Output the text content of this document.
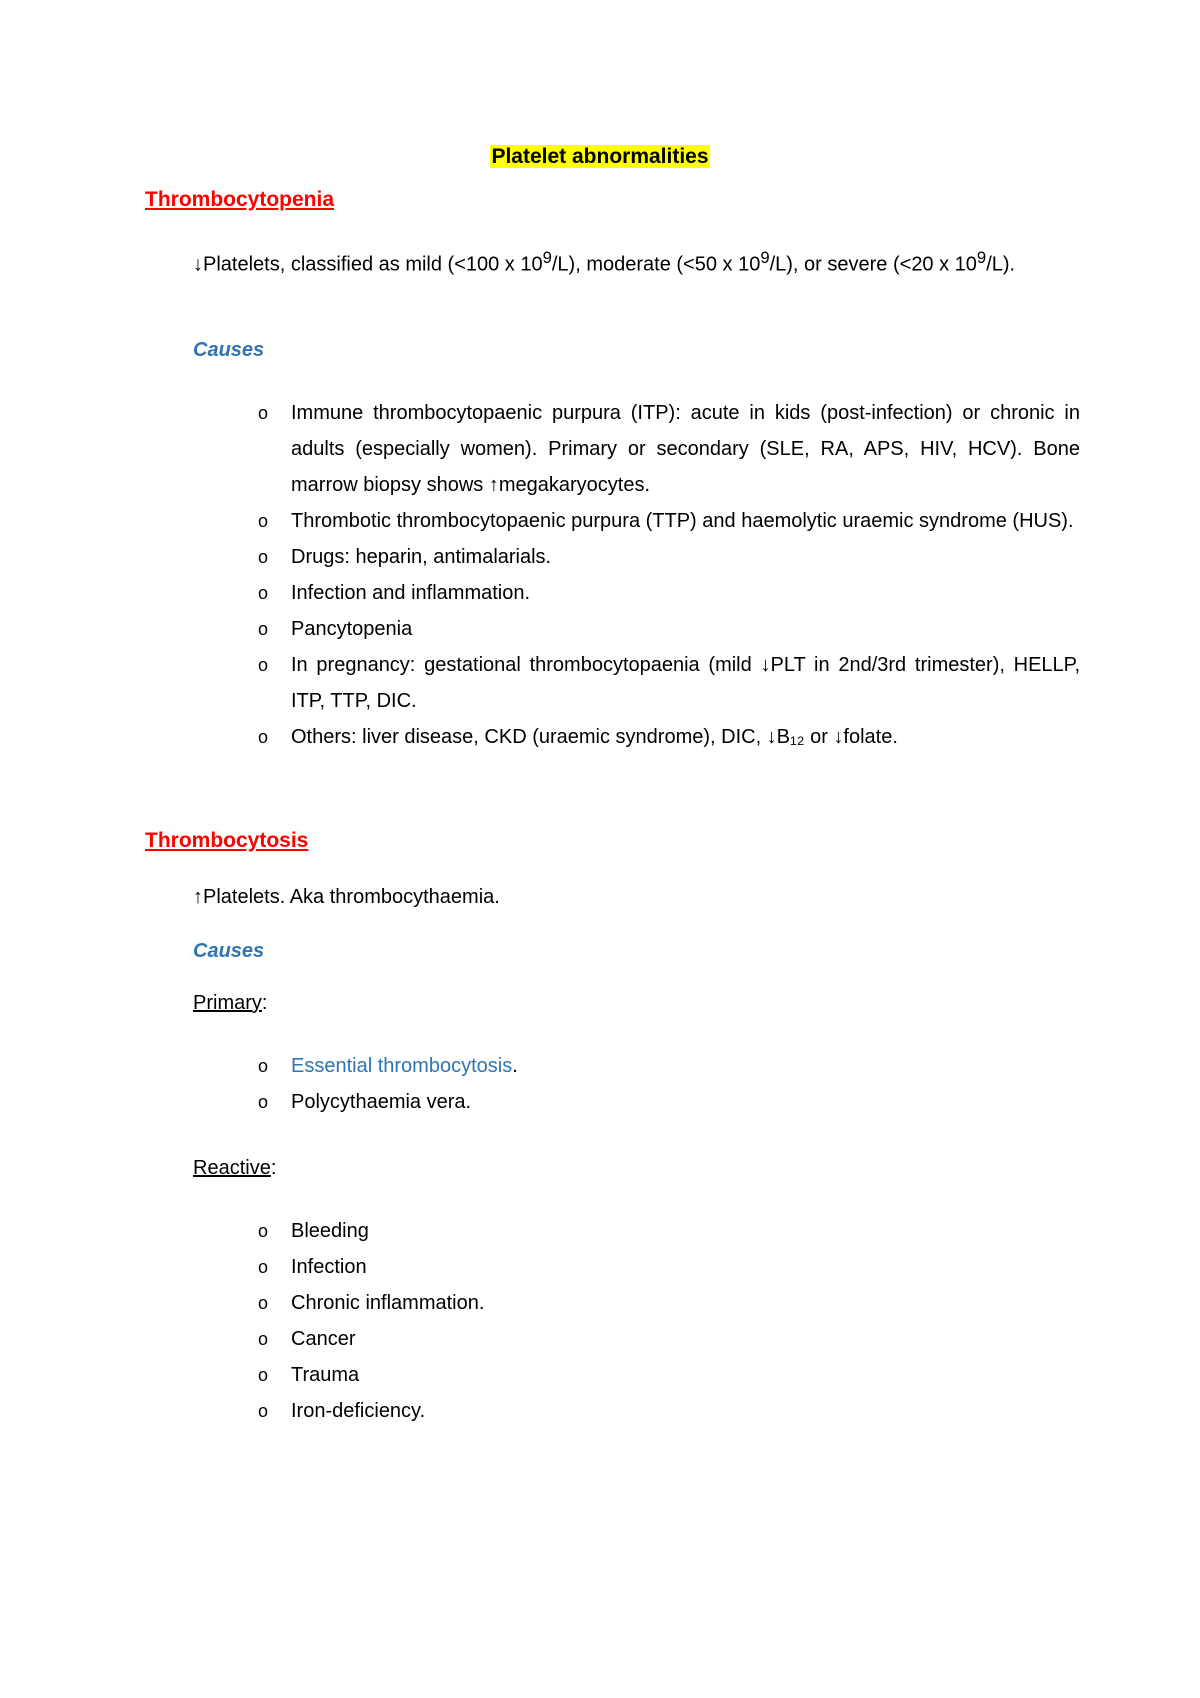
Platelet abnormalities
Thrombocytopenia
↓Platelets, classified as mild (<100 x $10^9/L$), moderate (<50 x $10^9/L$), or severe (<20 x $10^9/L$).
Causes
o	Immune thrombocytopaenic purpura (ITP): acute in kids (post-infection) or chronic in adults (especially women). Primary or secondary (SLE, RA, APS, HIV, HCV). Bone marrow biopsy shows ↑megakaryocytes.
o	Thrombotic thrombocytopaenic purpura (TTP) and haemolytic uraemic syndrome (HUS).
o	Drugs: heparin, antimalarials.
o	Infection and inflammation.
o	Pancytopenia
o	In pregnancy: gestational thrombocytopaenia (mild ↓PLT in 2nd/3rd trimester), HELLP, ITP, TTP, DIC.
o	Others: liver disease, CKD (uraemic syndrome), DIC, ↓B₁₂ or ↓folate.
Thrombocytosis
↑Platelets. Aka thrombocythaemia.
Causes
Primary:
o	Essential thrombocytosis.
o	Polycythaemia vera.
Reactive:
o	Bleeding
o	Infection
o	Chronic inflammation.
o	Cancer
o	Trauma
o	Iron-deficiency.
